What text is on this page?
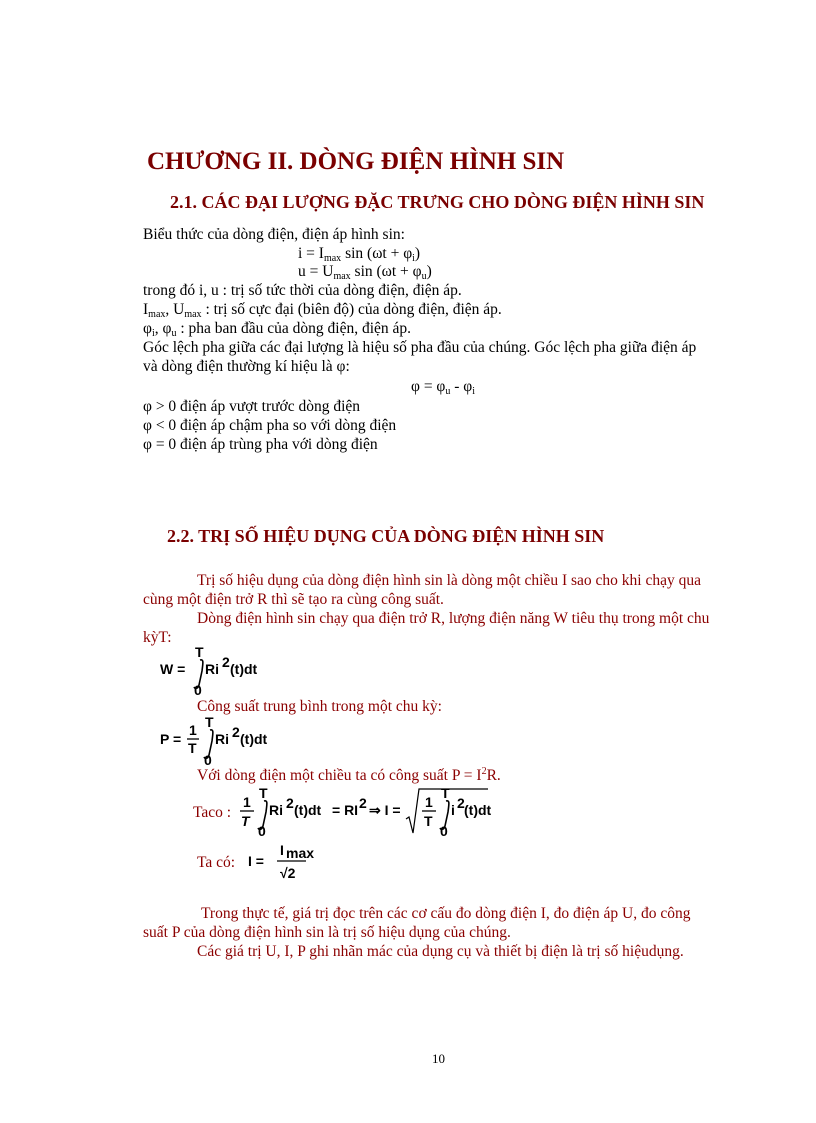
CHƯƠNG II. DÒNG ĐIỆN HÌNH SIN
2.1. CÁC ĐẠI LƯỢNG ĐẶC TRƯNG CHO DÒNG ĐIỆN HÌNH SIN
Biểu thức của dòng điện, điện áp hình sin:
$i = I_{max}$ $\sin (\omega t + \varphi_i)$
$u = U_{max}$ $\sin (\omega t + \varphi_u)$
trong đó i, u : trị số tức thời của dòng điện, điện áp.
$I_{max}$, $U_{max}$ : trị số cực đại (biên độ) của dòng điện, điện áp.
$\varphi_i$, $\varphi_u$ : pha ban đầu của dòng điện, điện áp.
Góc lệch pha giữa các đại lượng là hiệu số pha đầu của chúng. Góc lệch pha giữa điện áp
và dòng điện thường kí hiệu là φ:
$\varphi = \varphi_u - \varphi_i$
φ > 0 điện áp vượt trước dòng điện
φ < 0 điện áp chậm pha so với dòng điện
φ = 0 điện áp trùng pha với dòng điện
2.2. TRỊ SỐ HIỆU DỤNG CỦA DÒNG ĐIỆN HÌNH SIN
Trị số hiệu dụng của dòng điện hình sin là dòng một chiều I sao cho khi chạy qua
cùng một điện trở R thì sẽ tạo ra cùng công suất.
Dòng điện hình sin chạy qua điện trở R, lượng điện năng W tiêu thụ trong một chu
kỳT:
W =
T
0
Ri 2 (t)dt
Công suất trung bình trong một chu kỳ:
P =
1
T
T
0
Ri 2 (t)dt
Với dòng điện một chiều ta có công suất $P = I^2R$.
Taco :
1
T
T
0
Ri 2 (t)dt = RI 2 ⇒ I = 1
T
T
0
i 2 (t)dt
Ta có: I =
I max
√2
Trong thực tế, giá trị đọc trên các cơ cấu đo dòng điện I, đo điện áp U, đo công
suất P của dòng điện hình sin là trị số hiệu dụng của chúng.
Các giá trị U, I, P ghi nhãn mác của dụng cụ và thiết bị điện là trị số hiệudụng.
10
